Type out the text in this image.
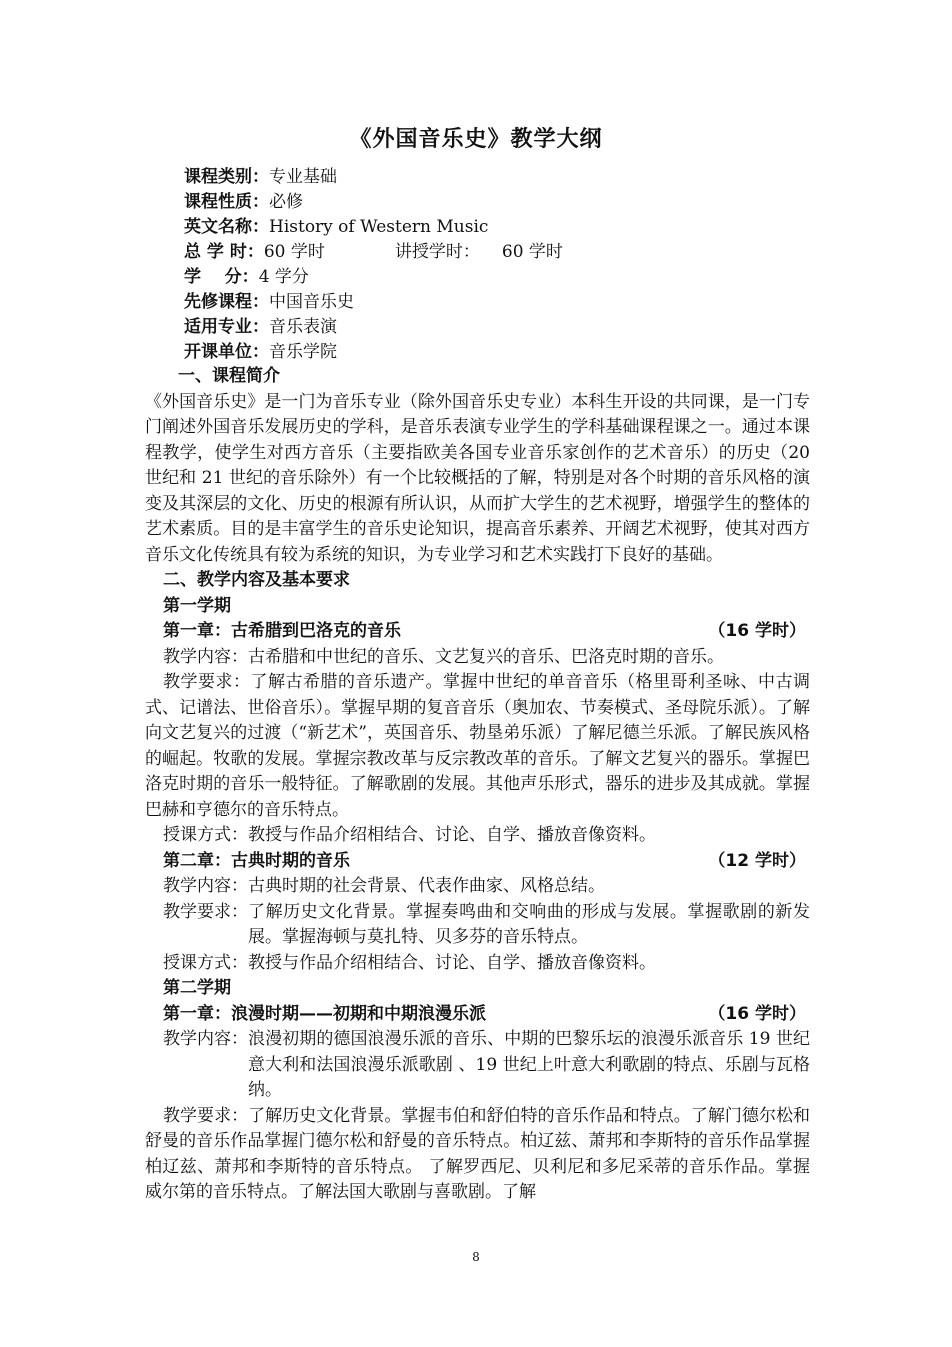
《外国音乐史》教学大纲
课程类别：专业基础
课程性质：必修
英文名称：History of Western Music
总 学 时：60 学时	讲授学时： 60 学时
学    分：4 学分
先修课程：中国音乐史
适用专业：音乐表演
开课单位：音乐学院
一、课程简介
《外国音乐史》是一门为音乐专业（除外国音乐史专业）本科生开设的共同课，是一门专门阐述外国音乐发展历史的学科，是音乐表演专业学生的学科基础课程课之一。通过本课程教学，使学生对西方音乐（主要指欧美各国专业音乐家创作的艺术音乐）的历史（20 世纪和 21 世纪的音乐除外）有一个比较概括的了解，特别是对各个时期的音乐风格的演变及其深层的文化、历史的根源有所认识，从而扩大学生的艺术视野，增强学生的整体的艺术素质。目的是丰富学生的音乐史论知识，提高音乐素养、开阔艺术视野，使其对西方音乐文化传统具有较为系统的知识，为专业学习和艺术实践打下良好的基础。
二、教学内容及基本要求
第一学期
第一章：古希腊到巴洛克的音乐	（16 学时）
教学内容：古希腊和中世纪的音乐、文艺复兴的音乐、巴洛克时期的音乐。
教学要求：了解古希腊的音乐遗产。掌握中世纪的单音音乐（格里哥利圣咏、中古调式、记谱法、世俗音乐）。掌握早期的复音音乐（奥加农、节奏模式、圣母院乐派）。了解向文艺复兴的过渡（“新艺术”，英国音乐、勃垦弟乐派）了解尼德兰乐派。了解民族风格的崛起。牧歌的发展。掌握宗教改革与反宗教改革的音乐。了解文艺复兴的器乐。掌握巴洛克时期的音乐一般特征。了解歌剧的发展。其他声乐形式，器乐的进步及其成就。掌握巴赫和亨德尔的音乐特点。
授课方式：教授与作品介绍相结合、讨论、自学、播放音像资料。
第二章：古典时期的音乐	（12 学时）
教学内容：古典时期的社会背景、代表作曲家、风格总结。
教学要求： 了解历史文化背景。掌握奏鸣曲和交响曲的形成与发展。掌握歌剧的新发展。掌握海顿与莫扎特、贝多芬的音乐特点。
授课方式：教授与作品介绍相结合、讨论、自学、播放音像资料。
第二学期
第一章：浪漫时期——初期和中期浪漫乐派	（16 学时）
教学内容： 浪漫初期的德国浪漫乐派的音乐、中期的巴黎乐坛的浪漫乐派音乐 19 世纪意大利和法国浪漫乐派歌剧 、19 世纪上叶意大利歌剧的特点、乐剧与瓦格纳。
教学要求：了解历史文化背景。掌握韦伯和舒伯特的音乐作品和特点。了解门德尔松和舒曼的音乐作品掌握门德尔松和舒曼的音乐特点。柏辽兹、萧邦和李斯特的音乐作品掌握柏辽兹、萧邦和李斯特的音乐特点。 了解罗西尼、贝利尼和多尼采蒂的音乐作品。掌握威尔第的音乐特点。了解法国大歌剧与喜歌剧。了解
8
